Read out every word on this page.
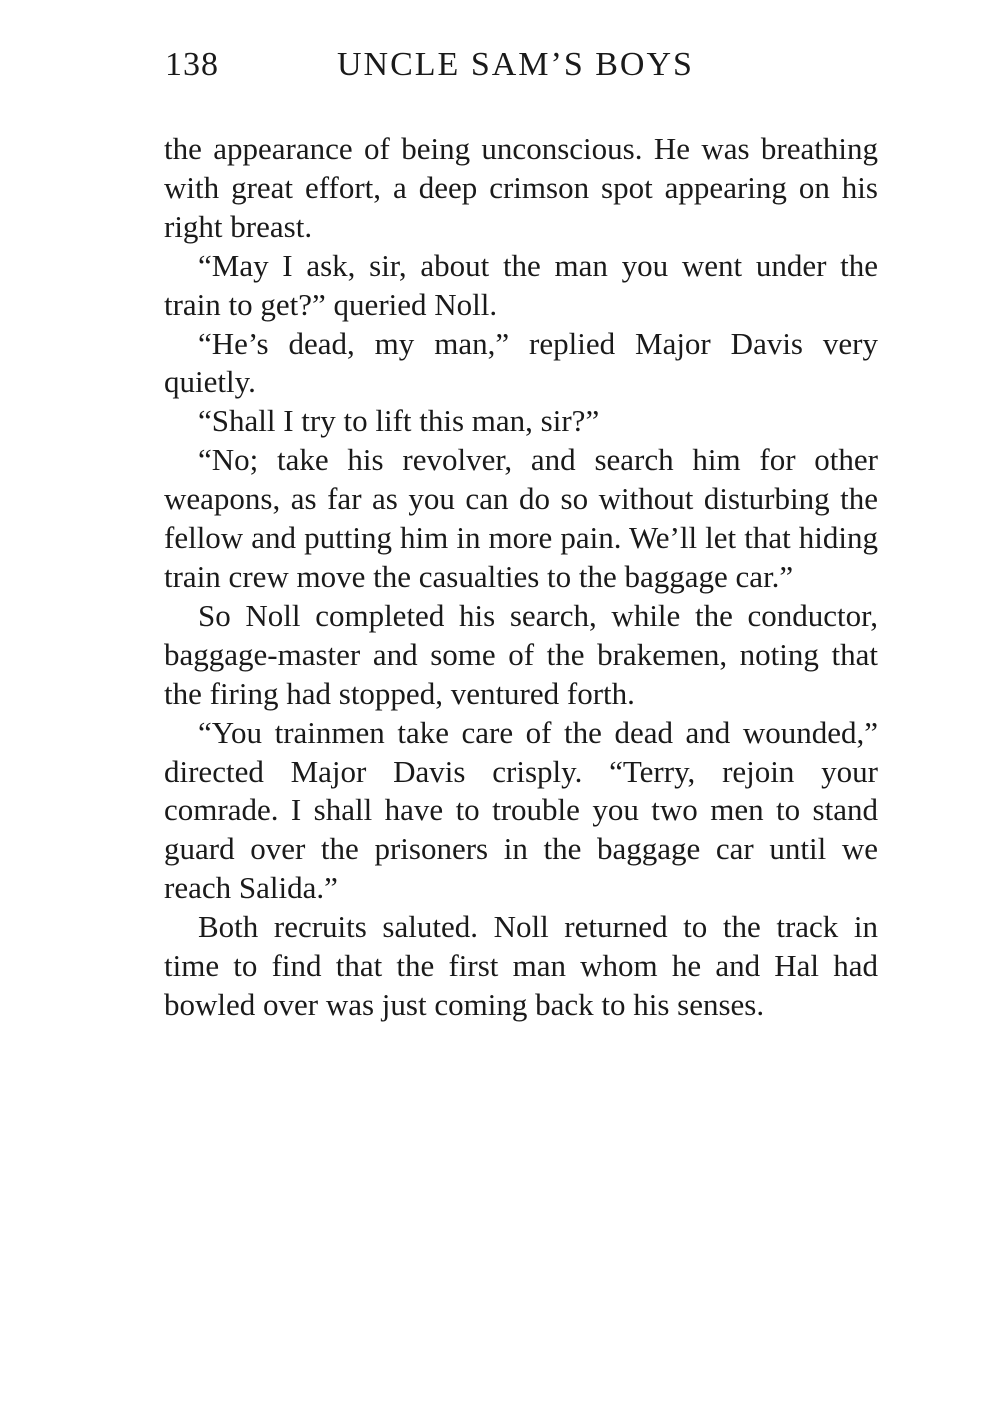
138	UNCLE SAM’S BOYS

the appearance of being unconscious. He was breathing with great effort, a deep crimson spot appearing on his right breast.

“May I ask, sir, about the man you went under the train to get?” queried Noll.

“He’s dead, my man,” replied Major Davis very quietly.

“Shall I try to lift this man, sir?”

“No; take his revolver, and search him for other weapons, as far as you can do so without disturbing the fellow and putting him in more pain. We’ll let that hiding train crew move the casualties to the baggage car.”

So Noll completed his search, while the conductor, baggage-master and some of the brakemen, noting that the firing had stopped, ventured forth.

“You trainmen take care of the dead and wounded,” directed Major Davis crisply. “Terry, rejoin your comrade. I shall have to trouble you two men to stand guard over the prisoners in the baggage car until we reach Salida.”

Both recruits saluted. Noll returned to the track in time to find that the first man whom he and Hal had bowled over was just coming back to his senses.
